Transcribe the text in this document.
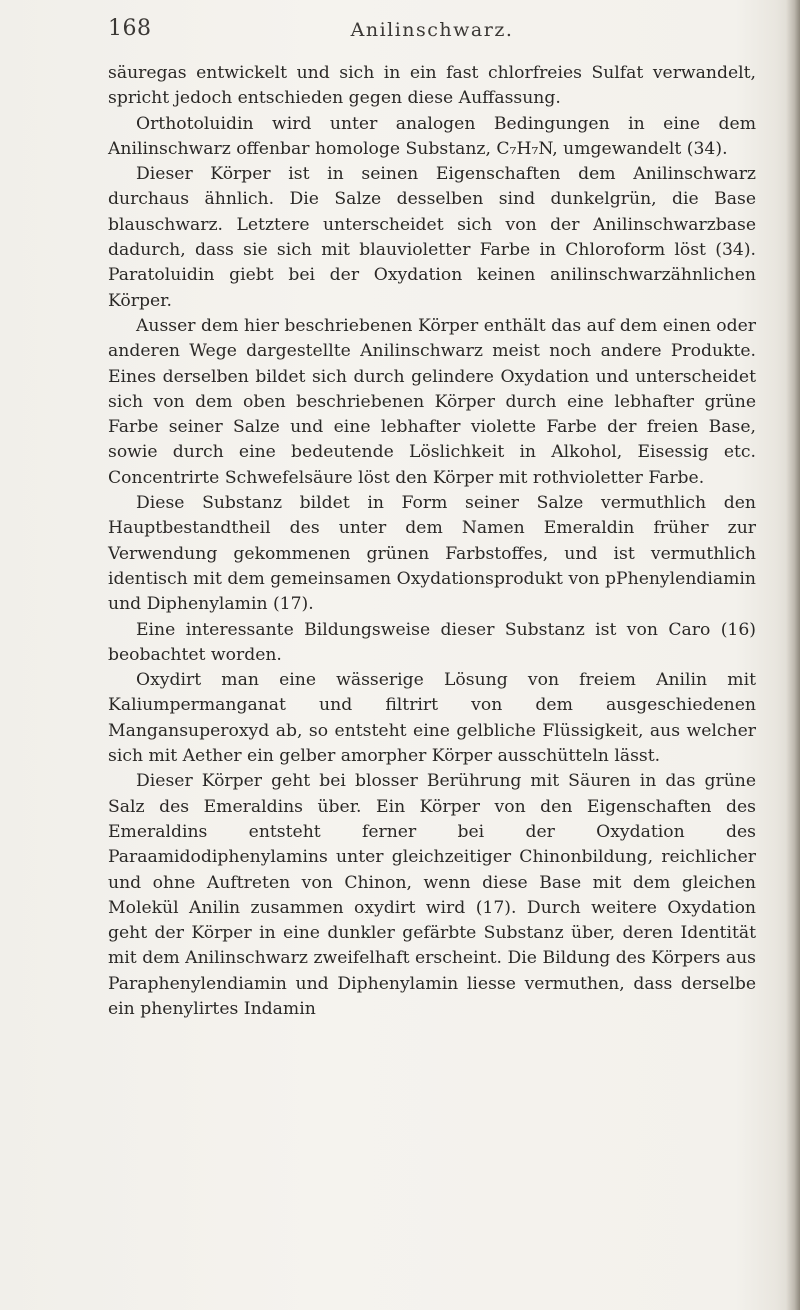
168	Anilinschwarz.

säuregas entwickelt und sich in ein fast chlorfreies Sulfat verwandelt, spricht jedoch entschieden gegen diese Auffassung.

Orthotoluidin wird unter analogen Bedingungen in eine dem Anilinschwarz offenbar homologe Substanz, C₇H₇N, umgewandelt (34).

Dieser Körper ist in seinen Eigenschaften dem Anilinschwarz durchaus ähnlich. Die Salze desselben sind dunkelgrün, die Base blauschwarz. Letztere unterscheidet sich von der Anilinschwarzbase dadurch, dass sie sich mit blauvioletter Farbe in Chloroform löst (34). Paratoluidin giebt bei der Oxydation keinen anilinschwarzähnlichen Körper.

Ausser dem hier beschriebenen Körper enthält das auf dem einen oder anderen Wege dargestellte Anilinschwarz meist noch andere Produkte. Eines derselben bildet sich durch gelindere Oxydation und unterscheidet sich von dem oben beschriebenen Körper durch eine lebhafter grüne Farbe seiner Salze und eine lebhafter violette Farbe der freien Base, sowie durch eine bedeutende Löslichkeit in Alkohol, Eisessig etc. Concentrirte Schwefelsäure löst den Körper mit rothvioletter Farbe.

Diese Substanz bildet in Form seiner Salze vermuthlich den Hauptbestandtheil des unter dem Namen Emeraldin früher zur Verwendung gekommenen grünen Farbstoffes, und ist vermuthlich identisch mit dem gemeinsamen Oxydationsprodukt von pPhenylendiamin und Diphenylamin (17).

Eine interessante Bildungsweise dieser Substanz ist von Caro (16) beobachtet worden.

Oxydirt man eine wässerige Lösung von freiem Anilin mit Kaliumpermanganat und filtrirt von dem ausgeschiedenen Mangansuperoxyd ab, so entsteht eine gelbliche Flüssigkeit, aus welcher sich mit Aether ein gelber amorpher Körper ausschütteln lässt.

Dieser Körper geht bei blosser Berührung mit Säuren in das grüne Salz des Emeraldins über. Ein Körper von den Eigenschaften des Emeraldins entsteht ferner bei der Oxydation des Paraamidodiphenylamins unter gleichzeitiger Chinonbildung, reichlicher und ohne Auftreten von Chinon, wenn diese Base mit dem gleichen Molekül Anilin zusammen oxydirt wird (17). Durch weitere Oxydation geht der Körper in eine dunkler gefärbte Substanz über, deren Identität mit dem Anilinschwarz zweifelhaft erscheint. Die Bildung des Körpers aus Paraphenylendiamin und Diphenylamin liesse vermuthen, dass derselbe ein phenylirtes Indamin
